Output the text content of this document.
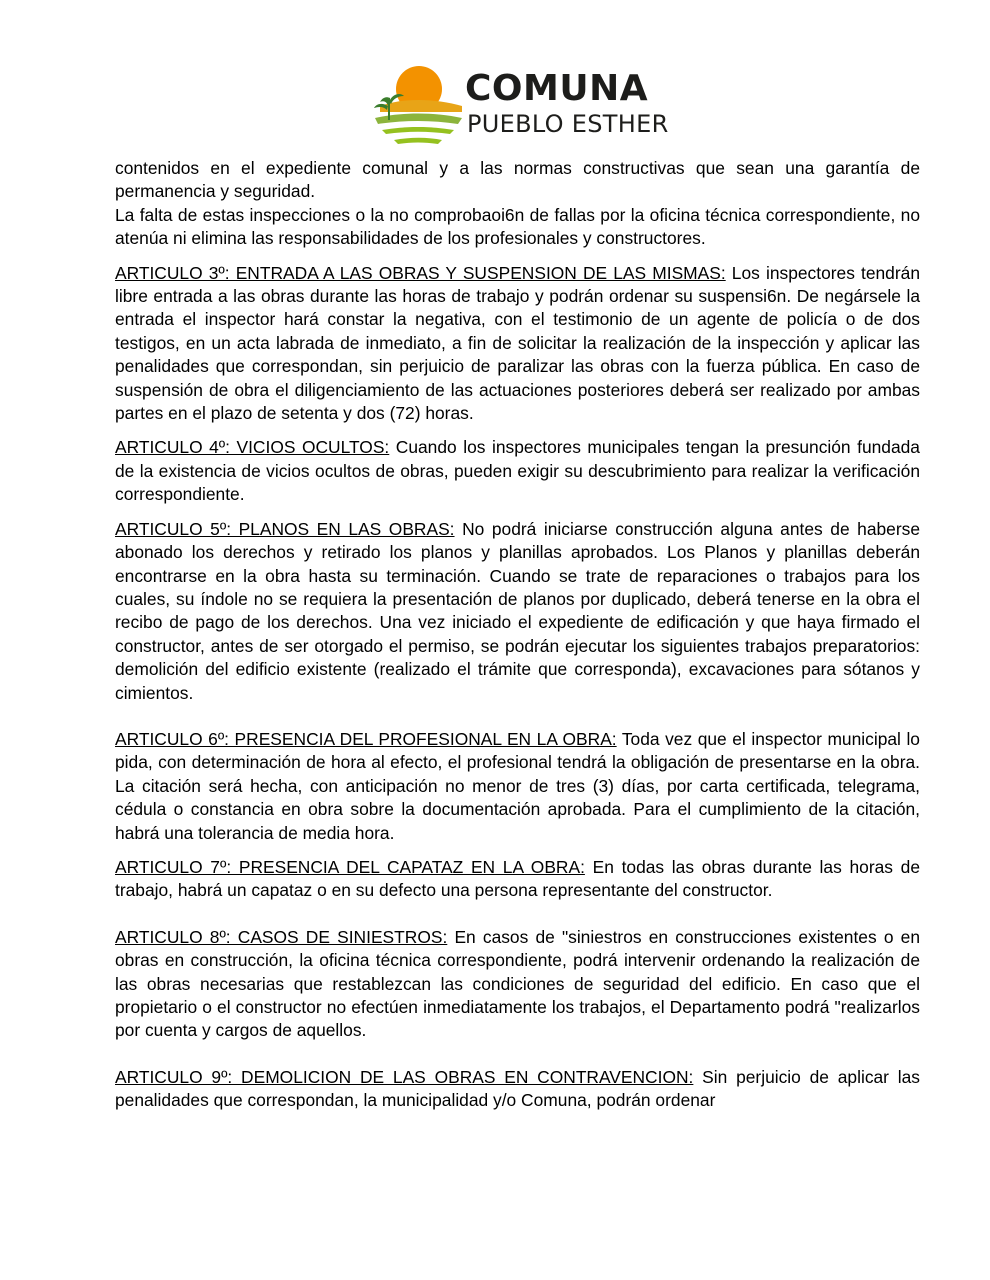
COMUNA
PUEBLO ESTHER

contenidos en el expediente comunal y a las normas constructivas que sean una garantía de permanencia y seguridad.

La falta de estas inspecciones o la no comprobaoi6n de fallas por la oficina técnica correspondiente, no atenúa ni elimina las responsabilidades de los profesionales y constructores.

ARTICULO 3º: ENTRADA A LAS OBRAS Y SUSPENSION DE LAS MISMAS: Los inspectores tendrán libre entrada a las obras durante las horas de trabajo y podrán ordenar su suspensi6n. De negársele la entrada el inspector hará constar la negativa, con el testimonio de un agente de policía o de dos testigos, en un acta labrada de inmediato, a fin de solicitar la realización de la inspección y aplicar las penalidades que correspondan, sin perjuicio de paralizar las obras con la fuerza pública. En caso de suspensión de obra el diligenciamiento de las actuaciones posteriores deberá ser realizado por ambas partes en el plazo de setenta y dos (72) horas.

ARTICULO 4º: VICIOS OCULTOS: Cuando los inspectores municipales tengan la presunción fundada de la existencia de vicios ocultos de obras, pueden exigir su descubrimiento para realizar la verificación correspondiente.

ARTICULO 5º: PLANOS EN LAS OBRAS: No podrá iniciarse construcción alguna antes de haberse abonado los derechos y retirado los planos y planillas aprobados. Los Planos y planillas deberán encontrarse en la obra hasta su terminación. Cuando se trate de reparaciones o trabajos para los cuales, su índole no se requiera la presentación de planos por duplicado, deberá tenerse en la obra el recibo de pago de los derechos. Una vez iniciado el expediente de edificación y que haya firmado el constructor, antes de ser otorgado el permiso, se podrán ejecutar los siguientes trabajos preparatorios: demolición del edificio existente (realizado el trámite que corresponda), excavaciones para sótanos y cimientos.

ARTICULO 6º: PRESENCIA DEL PROFESIONAL EN LA OBRA: Toda vez que el inspector municipal lo pida, con determinación de hora al efecto, el profesional tendrá la obligación de presentarse en la obra. La citación será hecha, con anticipación no menor de tres (3) días, por carta certificada, telegrama, cédula o constancia en obra sobre la documentación aprobada. Para el cumplimiento de la citación, habrá una tolerancia de media hora.

ARTICULO 7º: PRESENCIA DEL CAPATAZ EN LA OBRA: En todas las obras durante las horas de trabajo, habrá un capataz o en su defecto una persona representante del constructor.

ARTICULO 8º: CASOS DE SINIESTROS: En casos de "siniestros en construcciones existentes o en obras en construcción, la oficina técnica correspondiente, podrá intervenir ordenando la realización de las obras necesarias que restablezcan las condiciones de seguridad del edificio. En caso que el propietario o el constructor no efectúen inmediatamente los trabajos, el Departamento podrá "realizarlos por cuenta y cargos de aquellos.

ARTICULO 9º: DEMOLICION DE LAS OBRAS EN CONTRAVENCION: Sin perjuicio de aplicar las penalidades que correspondan, la municipalidad y/o Comuna, podrán ordenar
